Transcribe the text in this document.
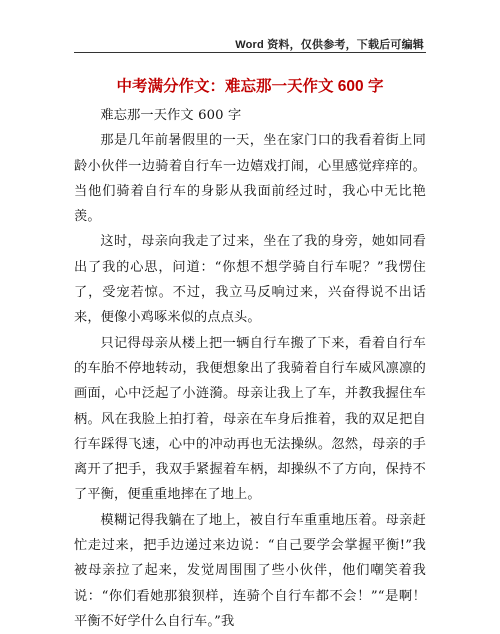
Word 资料，仅供参考，下载后可编辑
中考满分作文：难忘那一天作文 600 字

难忘那一天作文 600 字

那是几年前暑假里的一天，坐在家门口的我看着街上同龄小伙伴一边骑着自行车一边嬉戏打闹，心里感觉痒痒的。当他们骑着自行车的身影从我面前经过时，我心中无比艳羡。

这时，母亲向我走了过来，坐在了我的身旁，她如同看出了我的心思，问道：“你想不想学骑自行车呢？”我愣住了，受宠若惊。不过，我立马反响过来，兴奋得说不出话来，便像小鸡啄米似的点点头。

只记得母亲从楼上把一辆自行车搬了下来，看着自行车的车胎不停地转动，我便想象出了我骑着自行车威风凛凛的画面，心中泛起了小涟漪。母亲让我上了车，并教我握住车柄。风在我脸上拍打着，母亲在车身后推着，我的双足把自行车踩得飞速，心中的冲动再也无法操纵。忽然，母亲的手离开了把手，我双手紧握着车柄，却操纵不了方向，保持不了平衡，便重重地摔在了地上。

模糊记得我躺在了地上，被自行车重重地压着。母亲赶忙走过来，把手边递过来边说：“自己要学会掌握平衡!”我被母亲拉了起来，发觉周围围了些小伙伴，他们嘲笑着我说：“你们看她那狼狈样，连骑个自行车都不会！”“是啊！平衡不好学什么自行车。”我
